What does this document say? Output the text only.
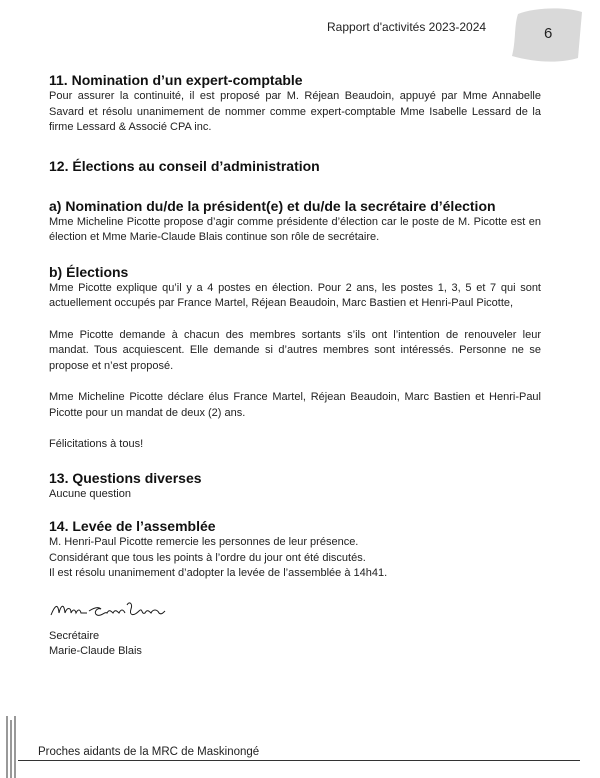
Rapport d'activités 2023-2024	6
11. Nomination d’un expert-comptable

Pour assurer la continuité, il est proposé par M. Réjean Beaudoin, appuyé par Mme Annabelle Savard et résolu unanimement de nommer comme expert-comptable Mme Isabelle Lessard de la firme Lessard & Associé CPA inc.

12. Élections au conseil d’administration
a) Nomination du/de la président(e) et du/de la secrétaire d’élection

Mme Micheline Picotte propose d’agir comme présidente d’élection car le poste de M. Picotte est en élection et Mme Marie-Claude Blais continue son rôle de secrétaire.

b) Élections

Mme Picotte explique qu’il y a 4 postes en élection. Pour 2 ans, les postes 1, 3, 5 et 7 qui sont actuellement occupés par France Martel, Réjean Beaudoin, Marc Bastien et Henri-Paul Picotte,

Mme Picotte demande à chacun des membres sortants s’ils ont l’intention de renouveler leur mandat. Tous acquiescent. Elle demande si d’autres membres sont intéressés. Personne ne se propose et n’est proposé.

Mme Micheline Picotte déclare élus France Martel, Réjean Beaudoin, Marc Bastien et Henri-Paul Picotte pour un mandat de deux (2) ans.

Félicitations à tous!

13. Questions diverses

Aucune question

14. Levée de l’assemblée

M. Henri-Paul Picotte remercie les personnes de leur présence.

Considérant que tous les points à l’ordre du jour ont été discutés.

Il est résolu unanimement d’adopter la levée de l’assemblée à 14h41.

Secrétaire

Marie-Claude Blais

Proches aidants de la MRC de Maskinongé
